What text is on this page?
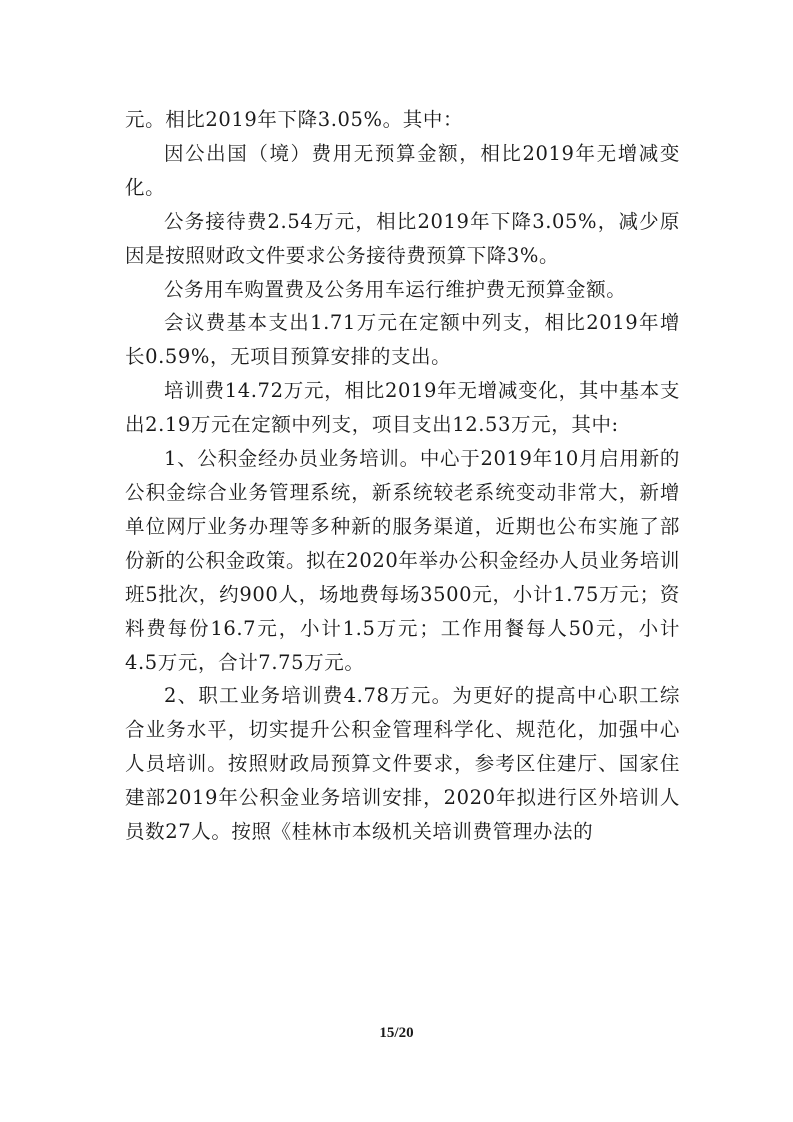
元。相比2019年下降3.05%。其中：

因公出国（境）费用无预算金额，相比2019年无增减变化。

公务接待费2.54万元，相比2019年下降3.05%，减少原因是按照财政文件要求公务接待费预算下降3%。

公务用车购置费及公务用车运行维护费无预算金额。

会议费基本支出1.71万元在定额中列支，相比2019年增长0.59%，无项目预算安排的支出。

培训费14.72万元，相比2019年无增减变化，其中基本支出2.19万元在定额中列支，项目支出12.53万元，其中:

1、公积金经办员业务培训。中心于2019年10月启用新的公积金综合业务管理系统，新系统较老系统变动非常大，新增单位网厅业务办理等多种新的服务渠道，近期也公布实施了部份新的公积金政策。拟在2020年举办公积金经办人员业务培训班5批次，约900人，场地费每场3500元，小计1.75万元；资料费每份16.7元，小计1.5万元；工作用餐每人50元，小计4.5万元，合计7.75万元。

2、职工业务培训费4.78万元。为更好的提高中心职工综合业务水平，切实提升公积金管理科学化、规范化，加强中心人员培训。按照财政局预算文件要求，参考区住建厅、国家住建部2019年公积金业务培训安排，2020年拟进行区外培训人员数27人。按照《桂林市本级机关培训费管理办法的

15/20
